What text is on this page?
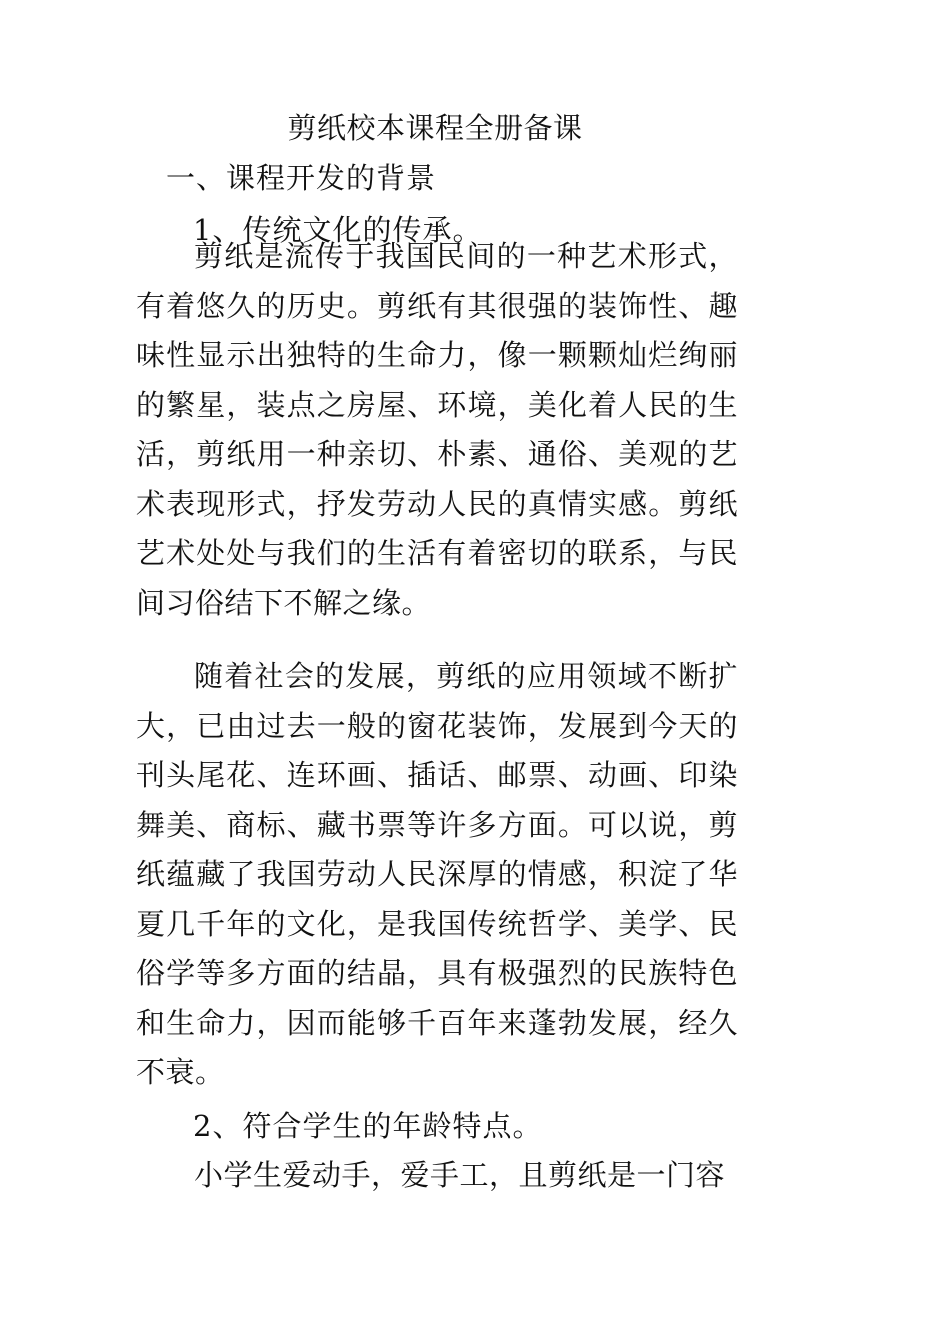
剪纸校本课程全册备课
一、课程开发的背景
1、传统文化的传承。

剪纸是流传于我国民间的一种艺术形式，有着悠久的历史。剪纸有其很强的装饰性、趣味性显示出独特的生命力，像一颗颗灿烂绚丽的繁星，装点之房屋、环境，美化着人民的生活，剪纸用一种亲切、朴素、通俗、美观的艺术表现形式，抒发劳动人民的真情实感。剪纸艺术处处与我们的生活有着密切的联系，与民间习俗结下不解之缘。

随着社会的发展，剪纸的应用领域不断扩大，已由过去一般的窗花装饰，发展到今天的刊头尾花、连环画、插话、邮票、动画、印染舞美、商标、藏书票等许多方面。可以说，剪纸蕴藏了我国劳动人民深厚的情感，积淀了华夏几千年的文化，是我国传统哲学、美学、民俗学等多方面的结晶，具有极强烈的民族特色和生命力，因而能够千百年来蓬勃发展，经久不衰。

2、符合学生的年龄特点。

小学生爱动手，爱手工，且剪纸是一门容
